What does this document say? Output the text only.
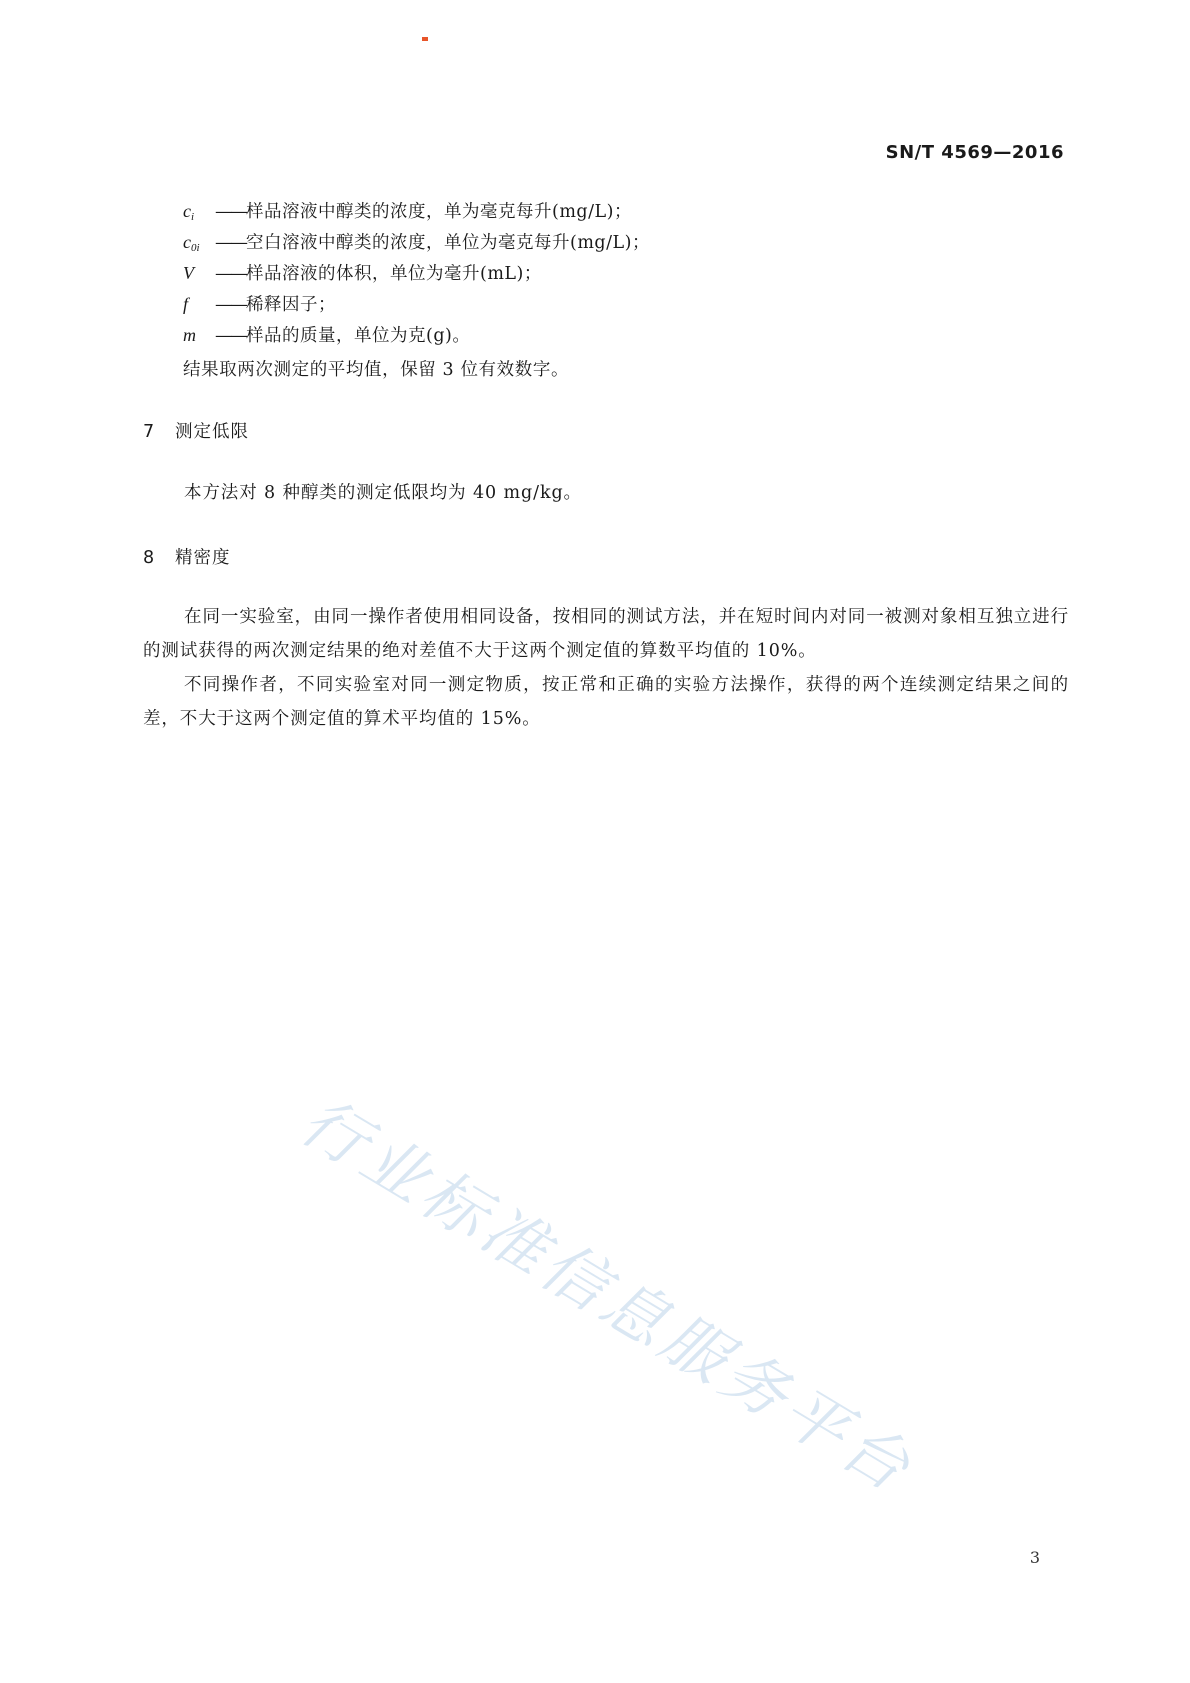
SN/T 4569—2016
$c_i$ ——样品溶液中醇类的浓度，单为毫克每升(mg/L)；
$c_{0i}$ ——空白溶液中醇类的浓度，单位为毫克每升(mg/L)；
V ——样品溶液的体积，单位为毫升(mL)；
f ——稀释因子；
m ——样品的质量，单位为克(g)。
结果取两次测定的平均值，保留 3 位有效数字。
7 测定低限
本方法对 8 种醇类的测定低限均为 40 mg/kg。
8 精密度
在同一实验室，由同一操作者使用相同设备，按相同的测试方法，并在短时间内对同一被测对象相互独立进行的测试获得的两次测定结果的绝对差值不大于这两个测定值的算数平均值的 10%。
不同操作者，不同实验室对同一测定物质，按正常和正确的实验方法操作，获得的两个连续测定结果之间的差，不大于这两个测定值的算术平均值的 15%。
行业标准信息服务平台
3
